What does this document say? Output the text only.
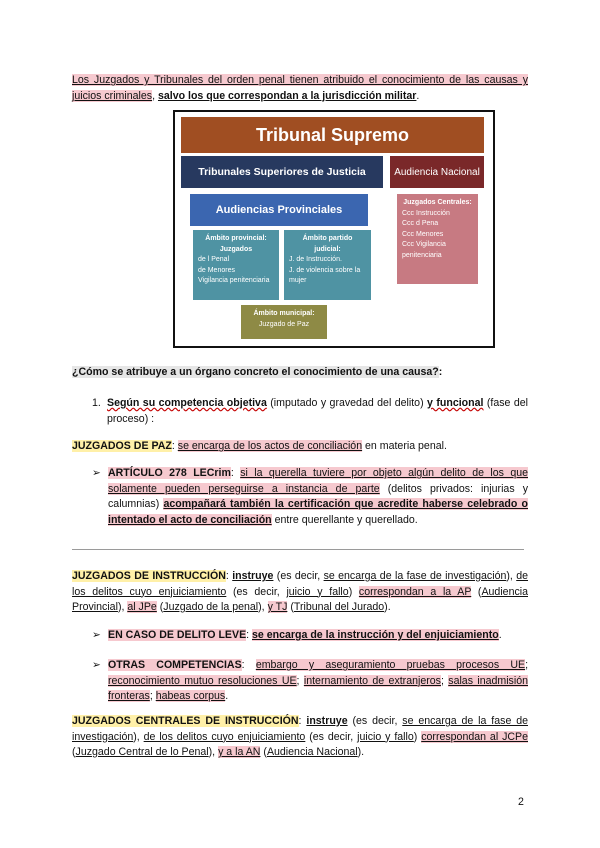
Los Juzgados y Tribunales del orden penal tienen atribuido el conocimiento de las causas y juicios criminales, salvo los que correspondan a la jurisdicción militar.
Tribunal Supremo
Tribunales Superiores de Justicia	Audiencia Nacional
Audiencias Provinciales
Juzgados Centrales:
Ccc Instrucción
Ccc d Pena
Ccc Menores
Ccc Vigilancia penitenciaria
Ámbito provincial: Juzgados
de l Penal
de Menores
Vigilancia penitenciaria
Ámbito partido judicial:
J. de Instrucción.
J. de violencia sobre la mujer
Ámbito municipal:
Juzgado de Paz
¿Cómo se atribuye a un órgano concreto el conocimiento de una causa?:
1. Según su competencia objetiva (imputado y gravedad del delito) y funcional (fase del proceso) :
JUZGADOS DE PAZ: se encarga de los actos de conciliación en materia penal.
➢ ARTÍCULO 278 LECrim: si la querella tuviere por objeto algún delito de los que solamente pueden perseguirse a instancia de parte (delitos privados: injurias y calumnias) acompañará también la certificación que acredite haberse celebrado o intentado el acto de conciliación entre querellante y querellado.
JUZGADOS DE INSTRUCCIÓN: instruye (es decir, se encarga de la fase de investigación), de los delitos cuyo enjuiciamiento (es decir, juicio y fallo) correspondan a la AP (Audiencia Provincial), al JPe (Juzgado de la penal), y TJ (Tribunal del Jurado).
➢ EN CASO DE DELITO LEVE: se encarga de la instrucción y del enjuiciamiento.
➢ OTRAS COMPETENCIAS: embargo y aseguramiento pruebas procesos UE; reconocimiento mutuo resoluciones UE; internamiento de extranjeros; salas inadmisión fronteras; habeas corpus.
JUZGADOS CENTRALES DE INSTRUCCIÓN: instruye (es decir, se encarga de la fase de investigación), de los delitos cuyo enjuiciamiento (es decir, juicio y fallo) correspondan al JCPe (Juzgado Central de lo Penal), y a la AN (Audiencia Nacional).
2
